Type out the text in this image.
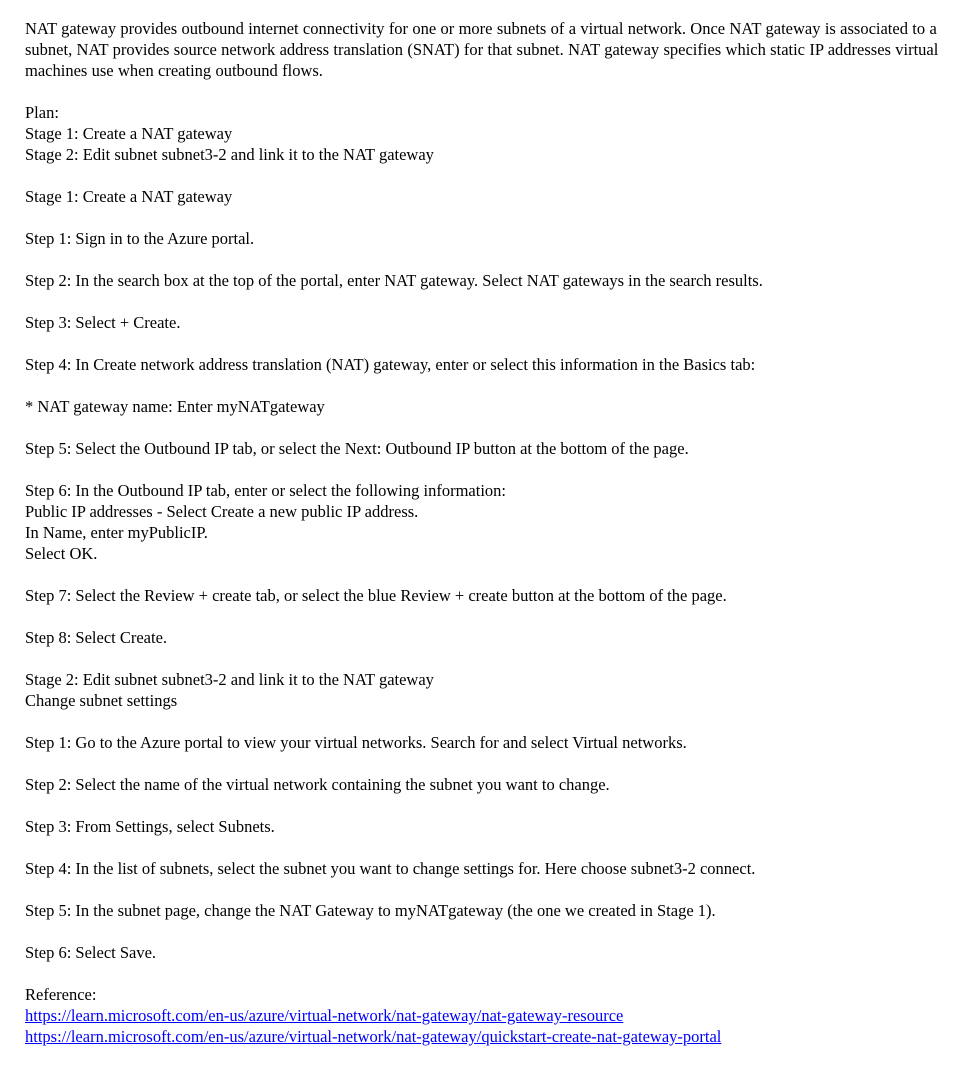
NAT gateway provides outbound internet connectivity for one or more subnets of a virtual network. Once NAT gateway is associated to a subnet, NAT provides source network address translation (SNAT) for that subnet. NAT gateway specifies which static IP addresses virtual machines use when creating outbound flows.
Plan:
Stage 1: Create a NAT gateway
Stage 2: Edit subnet subnet3-2 and link it to the NAT gateway
Stage 1: Create a NAT gateway
Step 1: Sign in to the Azure portal.
Step 2: In the search box at the top of the portal, enter NAT gateway. Select NAT gateways in the search results.
Step 3: Select + Create.
Step 4: In Create network address translation (NAT) gateway, enter or select this information in the Basics tab:
* NAT gateway name: Enter myNATgateway
Step 5: Select the Outbound IP tab, or select the Next: Outbound IP button at the bottom of the page.
Step 6: In the Outbound IP tab, enter or select the following information:
Public IP addresses - Select Create a new public IP address.
In Name, enter myPublicIP.
Select OK.
Step 7: Select the Review + create tab, or select the blue Review + create button at the bottom of the page.
Step 8: Select Create.
Stage 2: Edit subnet subnet3-2 and link it to the NAT gateway
Change subnet settings
Step 1: Go to the Azure portal to view your virtual networks. Search for and select Virtual networks.
Step 2: Select the name of the virtual network containing the subnet you want to change.
Step 3: From Settings, select Subnets.
Step 4: In the list of subnets, select the subnet you want to change settings for. Here choose subnet3-2 connect.
Step 5: In the subnet page, change the NAT Gateway to myNATgateway (the one we created in Stage 1).
Step 6: Select Save.
Reference:
https://learn.microsoft.com/en-us/azure/virtual-network/nat-gateway/nat-gateway-resource
https://learn.microsoft.com/en-us/azure/virtual-network/nat-gateway/quickstart-create-nat-gateway-portal
